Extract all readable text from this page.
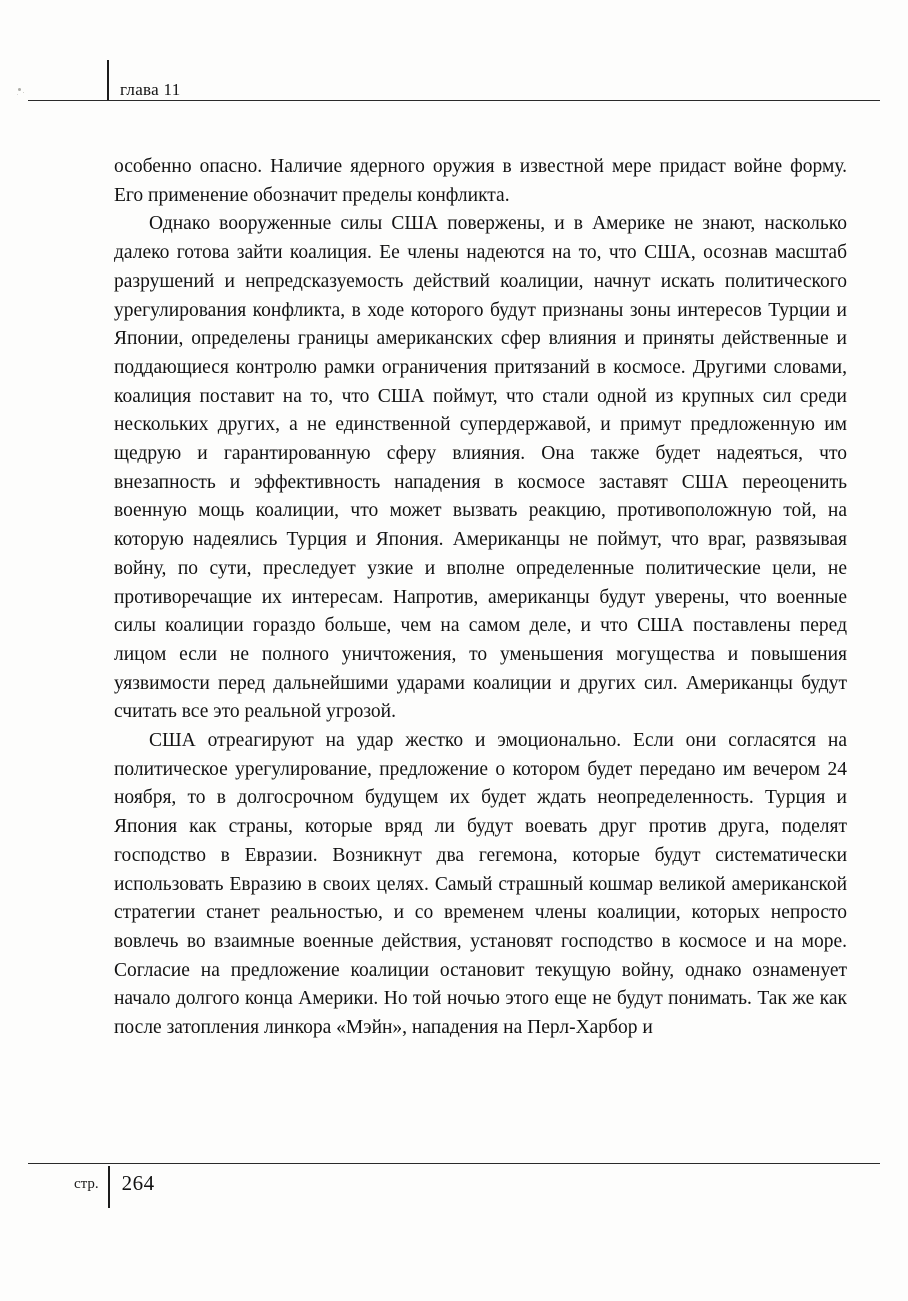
глава 11

особенно опасно. Наличие ядерного оружия в известной мере придаст войне форму. Его применение обозначит пределы конфликта.

Однако вооруженные силы США повержены, и в Америке не знают, насколько далеко готова зайти коалиция. Ее члены надеются на то, что США, осознав масштаб разрушений и непредсказуемость действий коалиции, начнут искать политического урегулирования конфликта, в ходе которого будут признаны зоны интересов Турции и Японии, определены границы американских сфер влияния и приняты действенные и поддающиеся контролю рамки ограничения притязаний в космосе. Другими словами, коалиция поставит на то, что США поймут, что стали одной из крупных сил среди нескольких других, а не единственной супердержавой, и примут предложенную им щедрую и гарантированную сферу влияния. Она также будет надеяться, что внезапность и эффективность нападения в космосе заставят США переоценить военную мощь коалиции, что может вызвать реакцию, противоположную той, на которую надеялись Турция и Япония. Американцы не поймут, что враг, развязывая войну, по сути, преследует узкие и вполне определенные политические цели, не противоречащие их интересам. Напротив, американцы будут уверены, что военные силы коалиции гораздо больше, чем на самом деле, и что США поставлены перед лицом если не полного уничтожения, то уменьшения могущества и повышения уязвимости перед дальнейшими ударами коалиции и других сил. Американцы будут считать все это реальной угрозой.

США отреагируют на удар жестко и эмоционально. Если они согласятся на политическое урегулирование, предложение о котором будет передано им вечером 24 ноября, то в долгосрочном будущем их будет ждать неопределенность. Турция и Япония как страны, которые вряд ли будут воевать друг против друга, поделят господство в Евразии. Возникнут два гегемона, которые будут систематически использовать Евразию в своих целях. Самый страшный кошмар великой американской стратегии станет реальностью, и со временем члены коалиции, которых непросто вовлечь во взаимные военные действия, установят господство в космосе и на море. Согласие на предложение коалиции остановит текущую войну, однако ознаменует начало долгого конца Америки. Но той ночью этого еще не будут понимать. Так же как после затопления линкора «Мэйн», нападения на Перл-Харбор и

стр. 264
